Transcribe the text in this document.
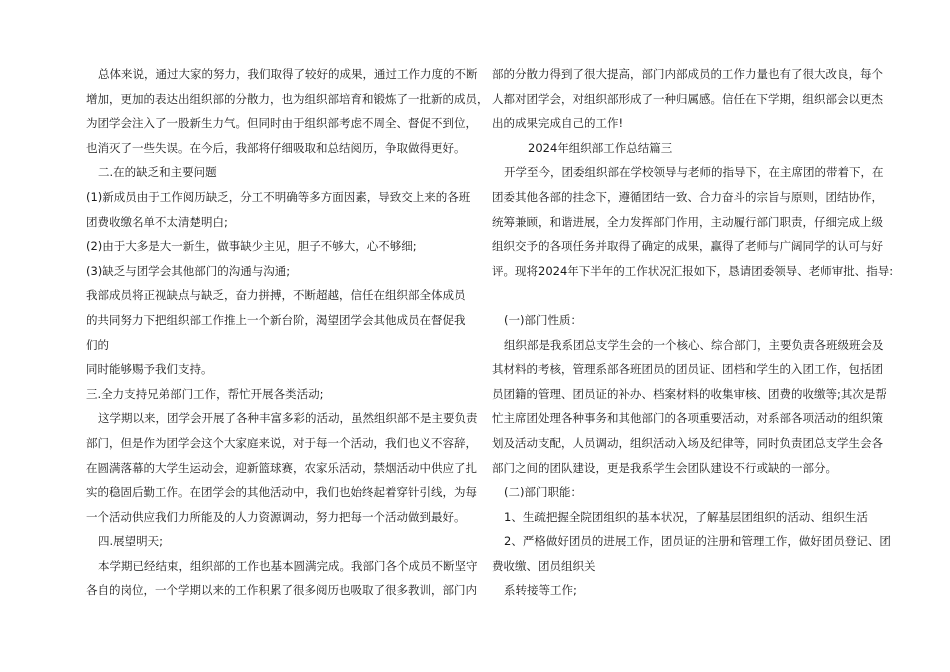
总体来说，通过大家的努力，我们取得了较好的成果，通过工作力度的不断
增加，更加的表达出组织部的分散力，也为组织部培育和锻炼了一批新的成员，
为团学会注入了一股新生力气。但同时由于组织部考虑不周全、督促不到位，
也消灭了一些失误。在今后，我部将仔细吸取和总结阅历，争取做得更好。
二.在的缺乏和主要问题
(1)新成员由于工作阅历缺乏，分工不明确等多方面因素，导致交上来的各班
团费收缴名单不太清楚明白;
(2)由于大多是大一新生，做事缺少主见，胆子不够大，心不够细;
(3)缺乏与团学会其他部门的沟通与沟通;
我部成员将正视缺点与缺乏，奋力拼搏，不断超越，信任在组织部全体成员
的共同努力下把组织部工作推上一个新台阶，渴望团学会其他成员在督促我
们的
同时能够赐予我们支持。
三.全力支持兄弟部门工作，帮忙开展各类活动;
这学期以来，团学会开展了各种丰富多彩的活动，虽然组织部不是主要负责
部门，但是作为团学会这个大家庭来说，对于每一个活动，我们也义不容辞，
在圆满落幕的大学生运动会，迎新篮球赛，农家乐活动，禁烟活动中供应了扎
实的稳固后勤工作。在团学会的其他活动中，我们也始终起着穿针引线，为每
一个活动供应我们力所能及的人力资源调动，努力把每一个活动做到最好。
四.展望明天;
本学期已经结束，组织部的工作也基本圆满完成。我部门各个成员不断坚守
各自的岗位，一个学期以来的工作积累了很多阅历也吸取了很多教训，部门内
部的分散力得到了很大提高，部门内部成员的工作力量也有了很大改良，每个
人都对团学会，对组织部形成了一种归属感。信任在下学期，组织部会以更杰
出的成果完成自己的工作!
2024年组织部工作总结篇三
开学至今，团委组织部在学校领导与老师的指导下，在主席团的带着下，在
团委其他各部的挂念下，遵循团结一致、合力奋斗的宗旨与原则，团结协作，
统筹兼顾，和谐进展，全力发挥部门作用，主动履行部门职责，仔细完成上级
组织交予的各项任务并取得了确定的成果，赢得了老师与广阔同学的认可与好
评。现将2024年下半年的工作状况汇报如下，恳请团委领导、老师审批、指导:
(一)部门性质：
组织部是我系团总支学生会的一个核心、综合部门，主要负责各班级班会及
其材料的考核，管理系部各班团员的团员证、团档和学生的入团工作，包括团
员团籍的管理、团员证的补办、档案材料的收集审核、团费的收缴等;其次是帮
忙主席团处理各种事务和其他部门的各项重要活动，对系部各项活动的组织策
划及活动支配，人员调动，组织活动入场及纪律等，同时负责团总支学生会各
部门之间的团队建设，更是我系学生会团队建设不行或缺的一部分。
(二)部门职能：
1、生疏把握全院团组织的基本状况，了解基层团组织的活动、组织生活
2、严格做好团员的进展工作，团员证的注册和管理工作，做好团员登记、团
费收缴、团员组织关
系转接等工作;
